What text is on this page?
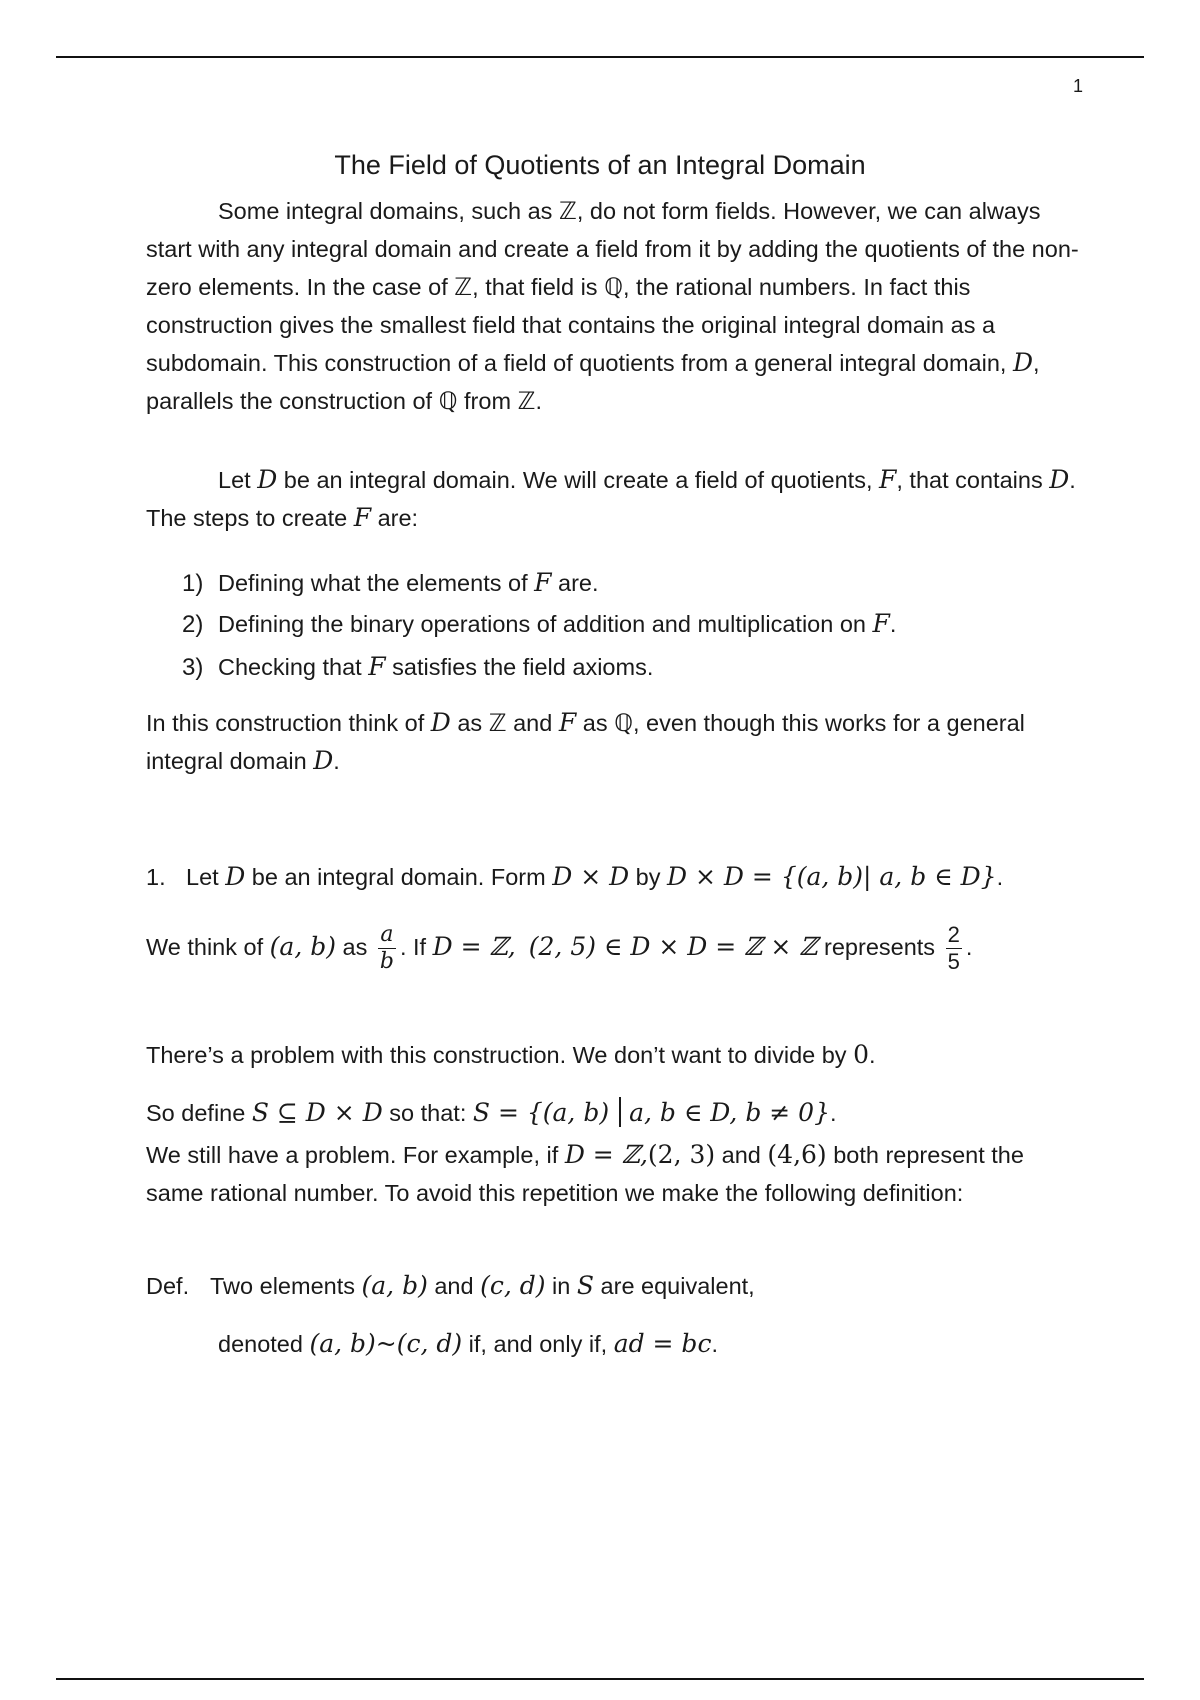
1
The Field of Quotients of an Integral Domain

Some integral domains, such as ℤ, do not form fields. However, we can always start with any integral domain and create a field from it by adding the quotients of the non-zero elements. In the case of ℤ, that field is ℚ, the rational numbers. In fact this construction gives the smallest field that contains the original integral domain as a subdomain. This construction of a field of quotients from a general integral domain, D, parallels the construction of ℚ from ℤ.

Let D be an integral domain. We will create a field of quotients, F, that contains D. The steps to create F are:

1) Defining what the elements of F are.
2) Defining the binary operations of addition and multiplication on F.
3) Checking that F satisfies the field axioms.

In this construction think of D as ℤ and F as ℚ, even though this works for a general integral domain D.

1. Let D be an integral domain. Form D × D by D × D = {(a, b)| a, b ∈ D}.
We think of (a, b) as $\frac{a}{b}$ . If D = ℤ, (2, 5) ∈ D × D = ℤ × ℤ represents $\frac{2}{5}$ .
There’s a problem with this construction. We don’t want to divide by 0.
So define S ⊆ D × D so that: S = {(a, b) a, b ∈ D, b ≠ 0}.

We still have a problem. For example, if D = ℤ,(2, 3) and (4,6) both represent the same rational number. To avoid this repetition we make the following definition:

Def. Two elements (a, b) and (c, d) in S are equivalent,
denoted (a, b)~(c, d) if, and only if, ad = bc.
